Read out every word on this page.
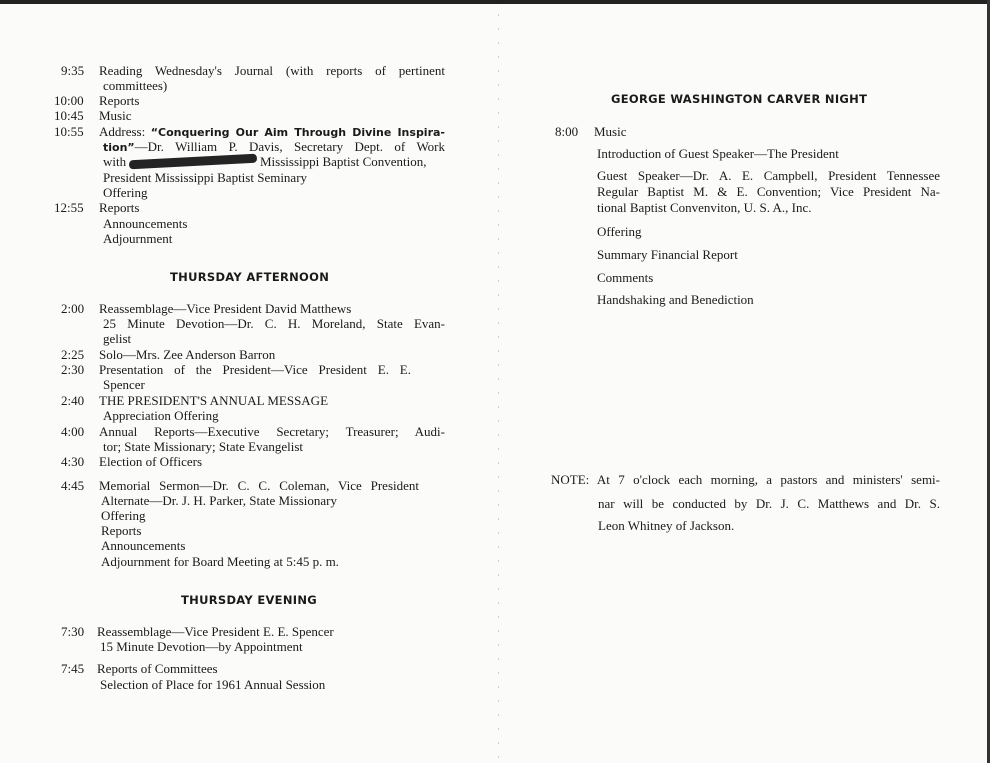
9:35 Reading Wednesday's Journal (with reports of pertinent
committees)
10:00 Reports
10:45 Music
10:55 Address: “Conquering Our Aim Through Divine Inspira-
tion”—Dr. William P. Davis, Secretary Dept. of Work
with	Mississippi Baptist Convention,
President Mississippi Baptist Seminary
Offering
12:55 Reports
Announcements
Adjournment
THURSDAY AFTERNOON
2:00 Reassemblage—Vice President David Matthews
25 Minute Devotion—Dr. C. H. Moreland, State Evan-
gelist
2:25 Solo—Mrs. Zee Anderson Barron
2:30 Presentation of the President—Vice President E. E.
Spencer
2:40 THE PRESIDENT'S ANNUAL MESSAGE
Appreciation Offering
4:00 Annual Reports—Executive Secretary; Treasurer; Audi-
tor; State Missionary; State Evangelist
4:30 Election of Officers
4:45 Memorial Sermon—Dr. C. C. Coleman, Vice President
Alternate—Dr. J. H. Parker, State Missionary
Offering
Reports
Announcements
Adjournment for Board Meeting at 5:45 p. m.
THURSDAY EVENING
7:30 Reassemblage—Vice President E. E. Spencer
15 Minute Devotion—by Appointment
7:45 Reports of Committees
Selection of Place for 1961 Annual Session
GEORGE WASHINGTON CARVER NIGHT
8:00 Music
Introduction of Guest Speaker—The President
Guest Speaker—Dr. A. E. Campbell, President Tennessee
Regular Baptist M. & E. Convention; Vice President Na-
tional Baptist Convenviton, U. S. A., Inc.
Offering
Summary Financial Report
Comments
Handshaking and Benediction
NOTE: At 7 o'clock each morning, a pastors and ministers' semi-
nar will be conducted by Dr. J. C. Matthews and Dr. S.
Leon Whitney of Jackson.
